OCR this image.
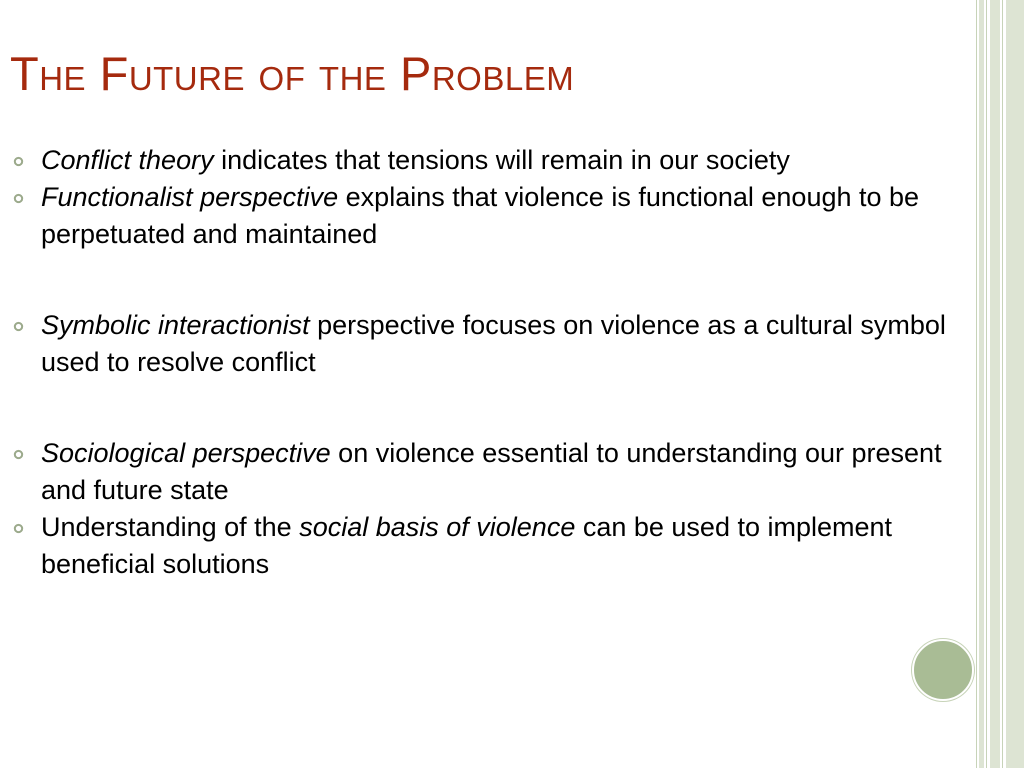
The Future of the Problem
Conflict theory indicates that tensions will remain in our society
Functionalist perspective explains that violence is functional enough to be perpetuated and maintained
Symbolic interactionist perspective focuses on violence as a cultural symbol used to resolve conflict
Sociological perspective on violence essential to understanding our present and future state
Understanding of the social basis of violence can be used to implement beneficial solutions
